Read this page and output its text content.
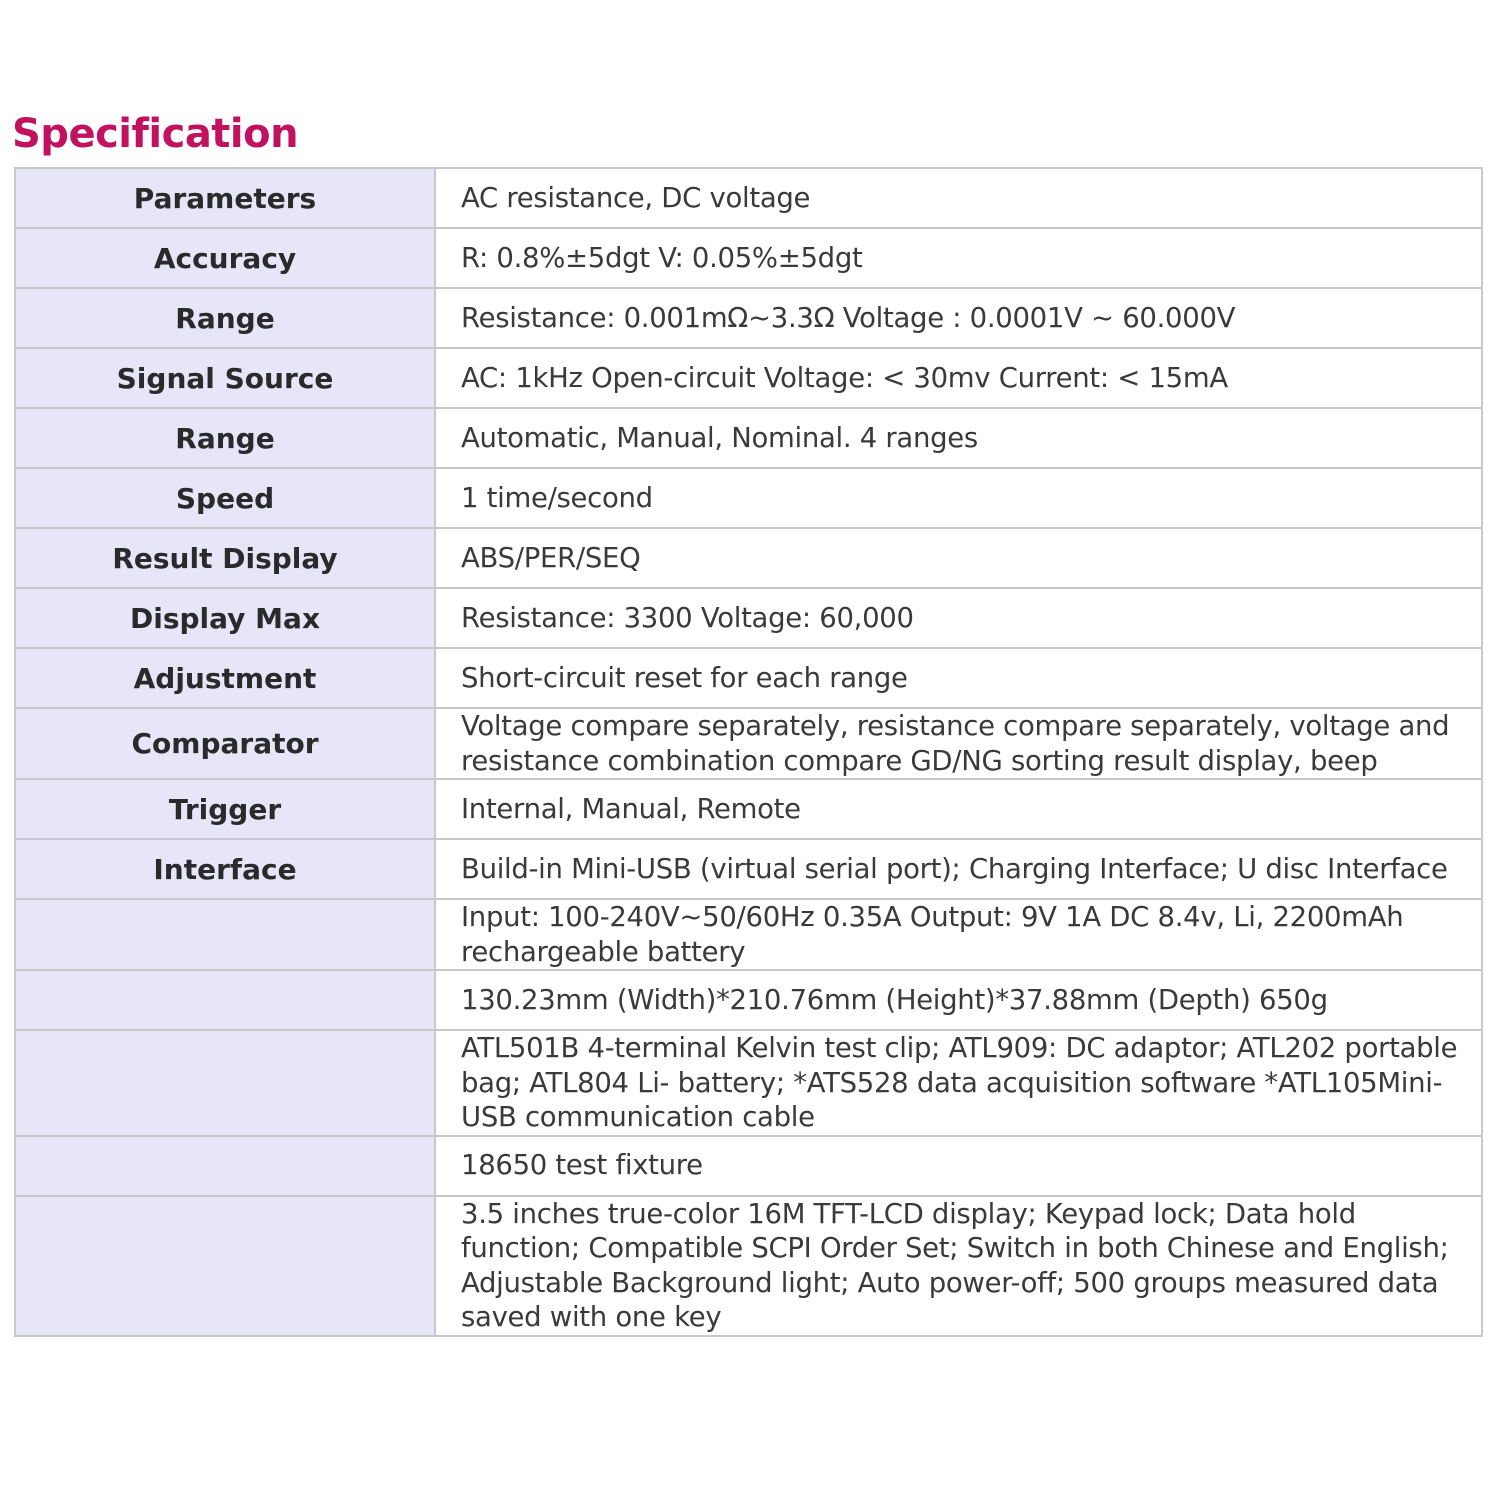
Specification
Parameters	AC resistance, DC voltage
Accuracy	R: 0.8%±5dgt V: 0.05%±5dgt
Range	Resistance: 0.001mΩ~3.3Ω Voltage : 0.0001V ~ 60.000V
Signal Source	AC: 1kHz Open-circuit Voltage: < 30mv Current: < 15mA
Range	Automatic, Manual, Nominal. 4 ranges
Speed	1 time/second
Result Display	ABS/PER/SEQ
Display Max	Resistance: 3300 Voltage: 60,000
Adjustment	Short-circuit reset for each range
Comparator	Voltage compare separately, resistance compare separately, voltage and resistance combination compare GD/NG sorting result display, beep
Trigger	Internal, Manual, Remote
Interface	Build-in Mini-USB (virtual serial port); Charging Interface; U disc Interface
	Input: 100-240V~50/60Hz 0.35A Output: 9V 1A DC 8.4v, Li, 2200mAh rechargeable battery
	130.23mm (Width)*210.76mm (Height)*37.88mm (Depth) 650g
	ATL501B 4-terminal Kelvin test clip; ATL909: DC adaptor; ATL202 portable bag; ATL804 Li- battery; *ATS528 data acquisition software *ATL105Mini-USB communication cable
	18650 test fixture
	3.5 inches true-color 16M TFT-LCD display; Keypad lock; Data hold function; Compatible SCPI Order Set; Switch in both Chinese and English; Adjustable Background light; Auto power-off; 500 groups measured data saved with one key
